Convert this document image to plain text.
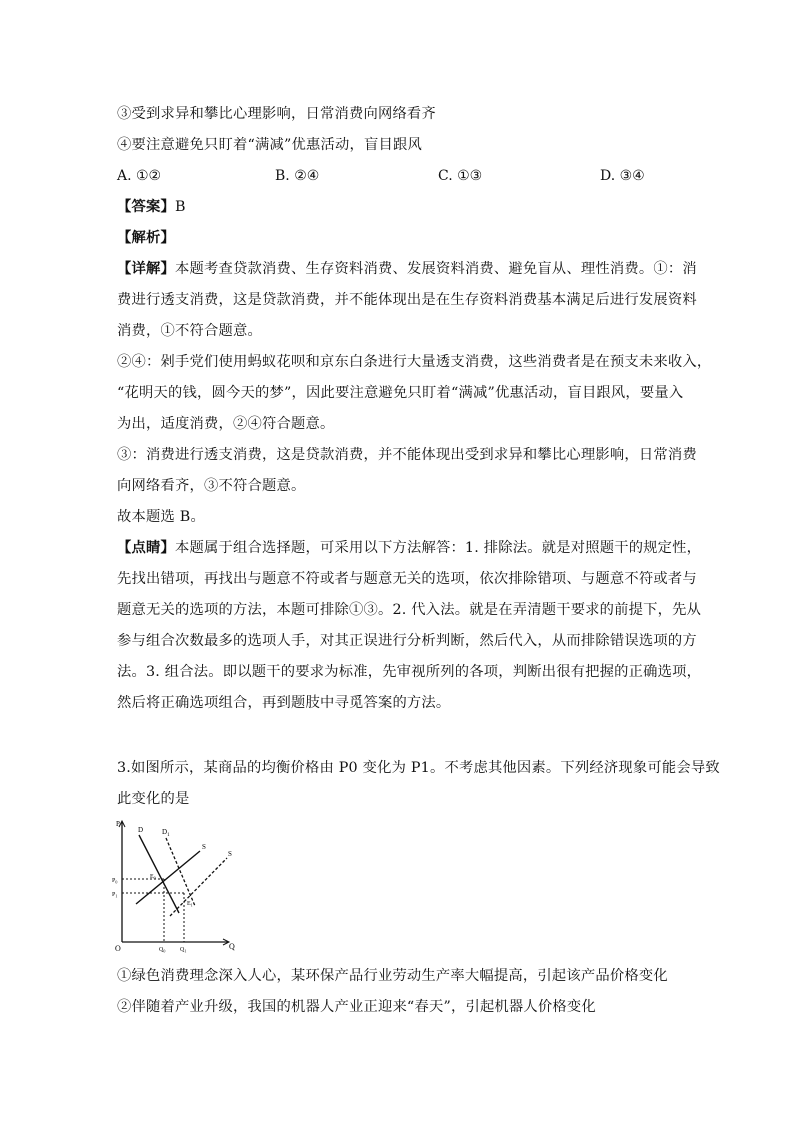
③受到求异和攀比心理影响，日常消费向网络看齐
④要注意避免只盯着“满减”优惠活动，盲目跟风
A. ①②	B. ②④	C. ①③	D. ③④
【答案】B
【解析】
【详解】本题考查贷款消费、生存资料消费、发展资料消费、避免盲从、理性消费。①：消
费进行透支消费，这是贷款消费，并不能体现出是在生存资料消费基本满足后进行发展资料
消费，①不符合题意。
②④：剁手党们使用蚂蚁花呗和京东白条进行大量透支消费，这些消费者是在预支未来收入，
“花明天的钱，圆今天的梦”，因此要注意避免只盯着“满减”优惠活动，盲目跟风，要量入
为出，适度消费，②④符合题意。
③：消费进行透支消费，这是贷款消费，并不能体现出受到求异和攀比心理影响，日常消费
向网络看齐，③不符合题意。
故本题选 B。
【点睛】本题属于组合选择题，可采用以下方法解答：1. 排除法。就是对照题干的规定性，
先找出错项，再找出与题意不符或者与题意无关的选项，依次排除错项、与题意不符或者与
题意无关的选项的方法，本题可排除①③。2. 代入法。就是在弄清题干要求的前提下，先从
参与组合次数最多的选项人手，对其正误进行分析判断，然后代入，从而排除错误选项的方
法。3. 组合法。即以题干的要求为标准，先审视所列的各项，判断出很有把握的正确选项，
然后将正确选项组合，再到题肢中寻觅答案的方法。
3.如图所示，某商品的均衡价格由 P0 变化为 P1。不考虑其他因素。下列经济现象可能会导致
此变化的是
P
O	Q
D	$D_1$
S
S
$P_0$
$P_1$
$E_0$
$E_1$
$Q_0$ $Q_1$
①绿色消费理念深入人心，某环保产品行业劳动生产率大幅提高，引起该产品价格变化
②伴随着产业升级，我国的机器人产业正迎来“春天”，引起机器人价格变化
